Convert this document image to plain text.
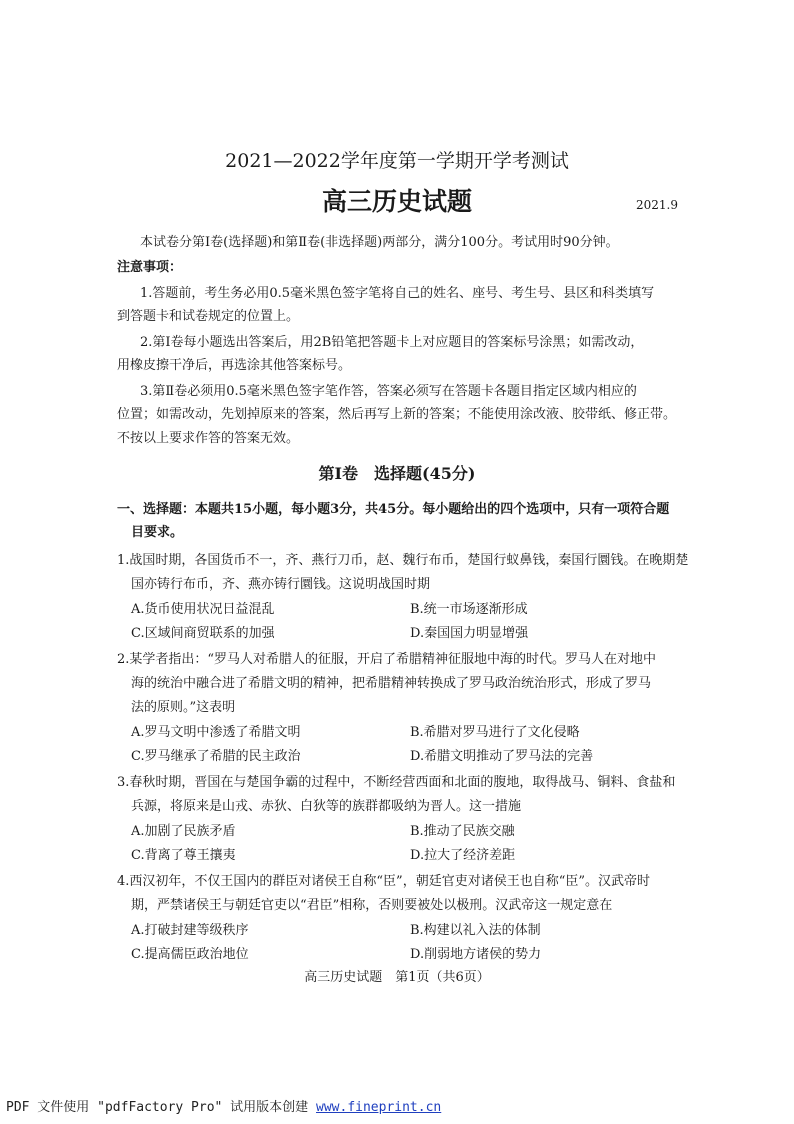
2021—2022学年度第一学期开学考测试
高三历史试题	2021.9
本试卷分第Ⅰ卷(选择题)和第Ⅱ卷(非选择题)两部分，满分100分。考试用时90分钟。
注意事项：
1.答题前，考生务必用0.5毫米黑色签字笔将自己的姓名、座号、考生号、县区和科类填写
到答题卡和试卷规定的位置上。
2.第Ⅰ卷每小题选出答案后，用2B铅笔把答题卡上对应题目的答案标号涂黑；如需改动，
用橡皮擦干净后，再选涂其他答案标号。
3.第Ⅱ卷必须用0.5毫米黑色签字笔作答，答案必须写在答题卡各题目指定区域内相应的
位置；如需改动，先划掉原来的答案，然后再写上新的答案；不能使用涂改液、胶带纸、修正带。
不按以上要求作答的答案无效。
第Ⅰ卷　选择题(45分)
一、选择题：本题共15小题，每小题3分，共45分。每小题给出的四个选项中，只有一项符合题
目要求。
1.战国时期，各国货币不一，齐、燕行刀币，赵、魏行布币，楚国行蚁鼻钱，秦国行圜钱。在晚期楚
国亦铸行布币，齐、燕亦铸行圜钱。这说明战国时期
A.货币使用状况日益混乱	B.统一市场逐渐形成
C.区域间商贸联系的加强	D.秦国国力明显增强
2.某学者指出：“罗马人对希腊人的征服，开启了希腊精神征服地中海的时代。罗马人在对地中
海的统治中融合进了希腊文明的精神，把希腊精神转换成了罗马政治统治形式，形成了罗马
法的原则。”这表明
A.罗马文明中渗透了希腊文明	B.希腊对罗马进行了文化侵略
C.罗马继承了希腊的民主政治	D.希腊文明推动了罗马法的完善
3.春秋时期，晋国在与楚国争霸的过程中，不断经营西面和北面的腹地，取得战马、铜料、食盐和
兵源，将原来是山戎、赤狄、白狄等的族群都吸纳为晋人。这一措施
A.加剧了民族矛盾	B.推动了民族交融
C.背离了尊王攘夷	D.拉大了经济差距
4.西汉初年，不仅王国内的群臣对诸侯王自称“臣”，朝廷官吏对诸侯王也自称“臣”。汉武帝时
期，严禁诸侯王与朝廷官吏以“君臣”相称，否则要被处以极刑。汉武帝这一规定意在
A.打破封建等级秩序	B.构建以礼入法的体制
C.提高儒臣政治地位	D.削弱地方诸侯的势力
高三历史试题　第1页（共6页）
PDF 文件使用 "pdfFactory Pro" 试用版本创建 www.fineprint.cn
